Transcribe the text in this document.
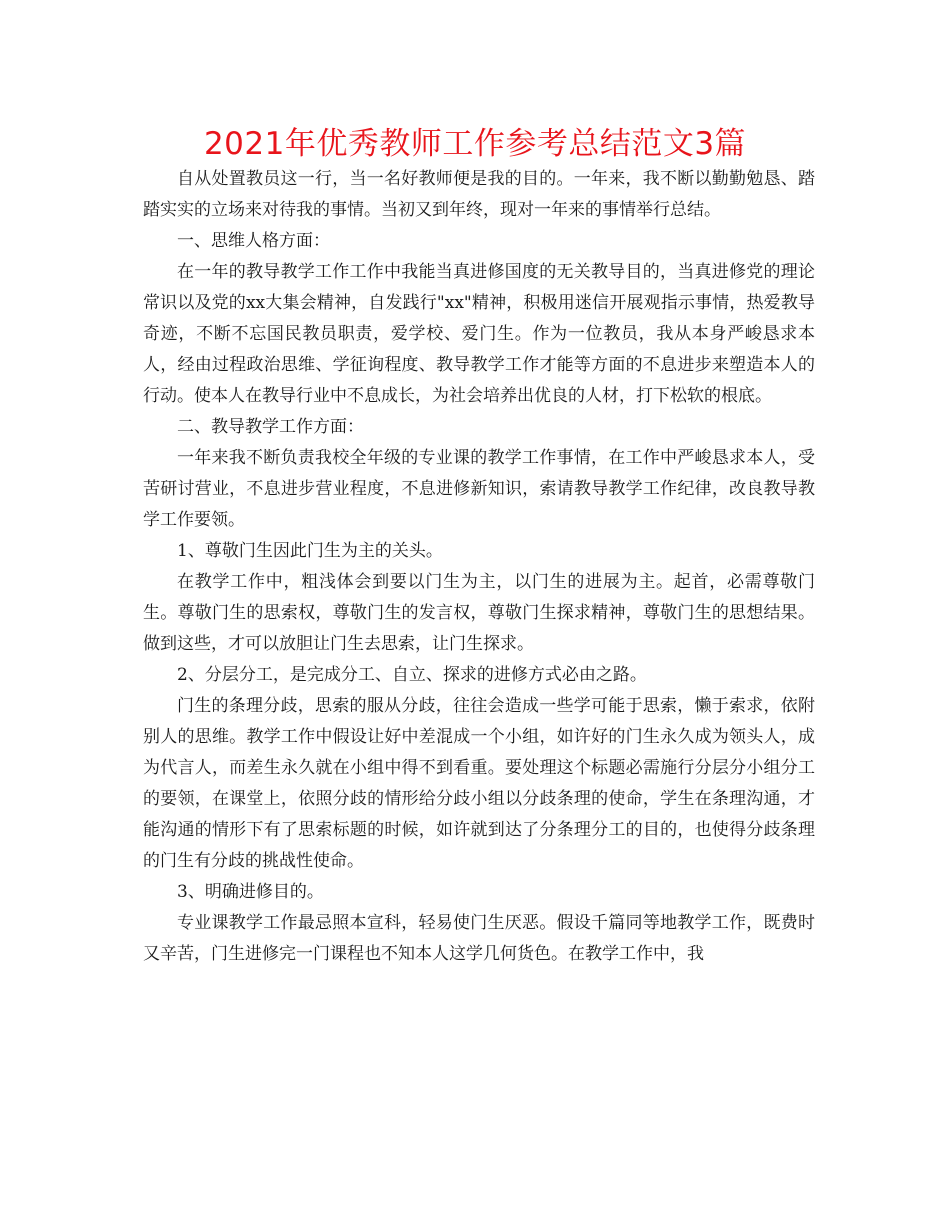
2021年优秀教师工作参考总结范文3篇

自从处置教员这一行，当一名好教师便是我的目的。一年来，我不断以勤勤勉恳、踏踏实实的立场来对待我的事情。当初又到年终，现对一年来的事情举行总结。

一、思维人格方面：

在一年的教导教学工作工作中我能当真进修国度的无关教导目的，当真进修党的理论常识以及党的xx大集会精神，自发践行"xx"精神，积极用迷信开展观指示事情，热爱教导奇迹，不断不忘国民教员职责，爱学校、爱门生。作为一位教员，我从本身严峻恳求本人，经由过程政治思维、学征询程度、教导教学工作才能等方面的不息进步来塑造本人的行动。使本人在教导行业中不息成长，为社会培养出优良的人材，打下松软的根底。

二、教导教学工作方面：

一年来我不断负责我校全年级的专业课的教学工作事情，在工作中严峻恳求本人，受苦研讨营业，不息进步营业程度，不息进修新知识，索请教导教学工作纪律，改良教导教学工作要领。

1、尊敬门生因此门生为主的关头。

在教学工作中，粗浅体会到要以门生为主，以门生的进展为主。起首，必需尊敬门生。尊敬门生的思索权，尊敬门生的发言权，尊敬门生探求精神，尊敬门生的思想结果。做到这些，才可以放胆让门生去思索，让门生探求。

2、分层分工，是完成分工、自立、探求的进修方式必由之路。

门生的条理分歧，思索的服从分歧，往往会造成一些学可能于思索，懒于索求，依附别人的思维。教学工作中假设让好中差混成一个小组，如许好的门生永久成为领头人，成为代言人，而差生永久就在小组中得不到看重。要处理这个标题必需施行分层分小组分工的要领，在课堂上，依照分歧的情形给分歧小组以分歧条理的使命，学生在条理沟通，才能沟通的情形下有了思索标题的时候，如许就到达了分条理分工的目的，也使得分歧条理的门生有分歧的挑战性使命。

3、明确进修目的。

专业课教学工作最忌照本宣科，轻易使门生厌恶。假设千篇同等地教学工作，既费时又辛苦，门生进修完一门课程也不知本人这学几何货色。在教学工作中，我
